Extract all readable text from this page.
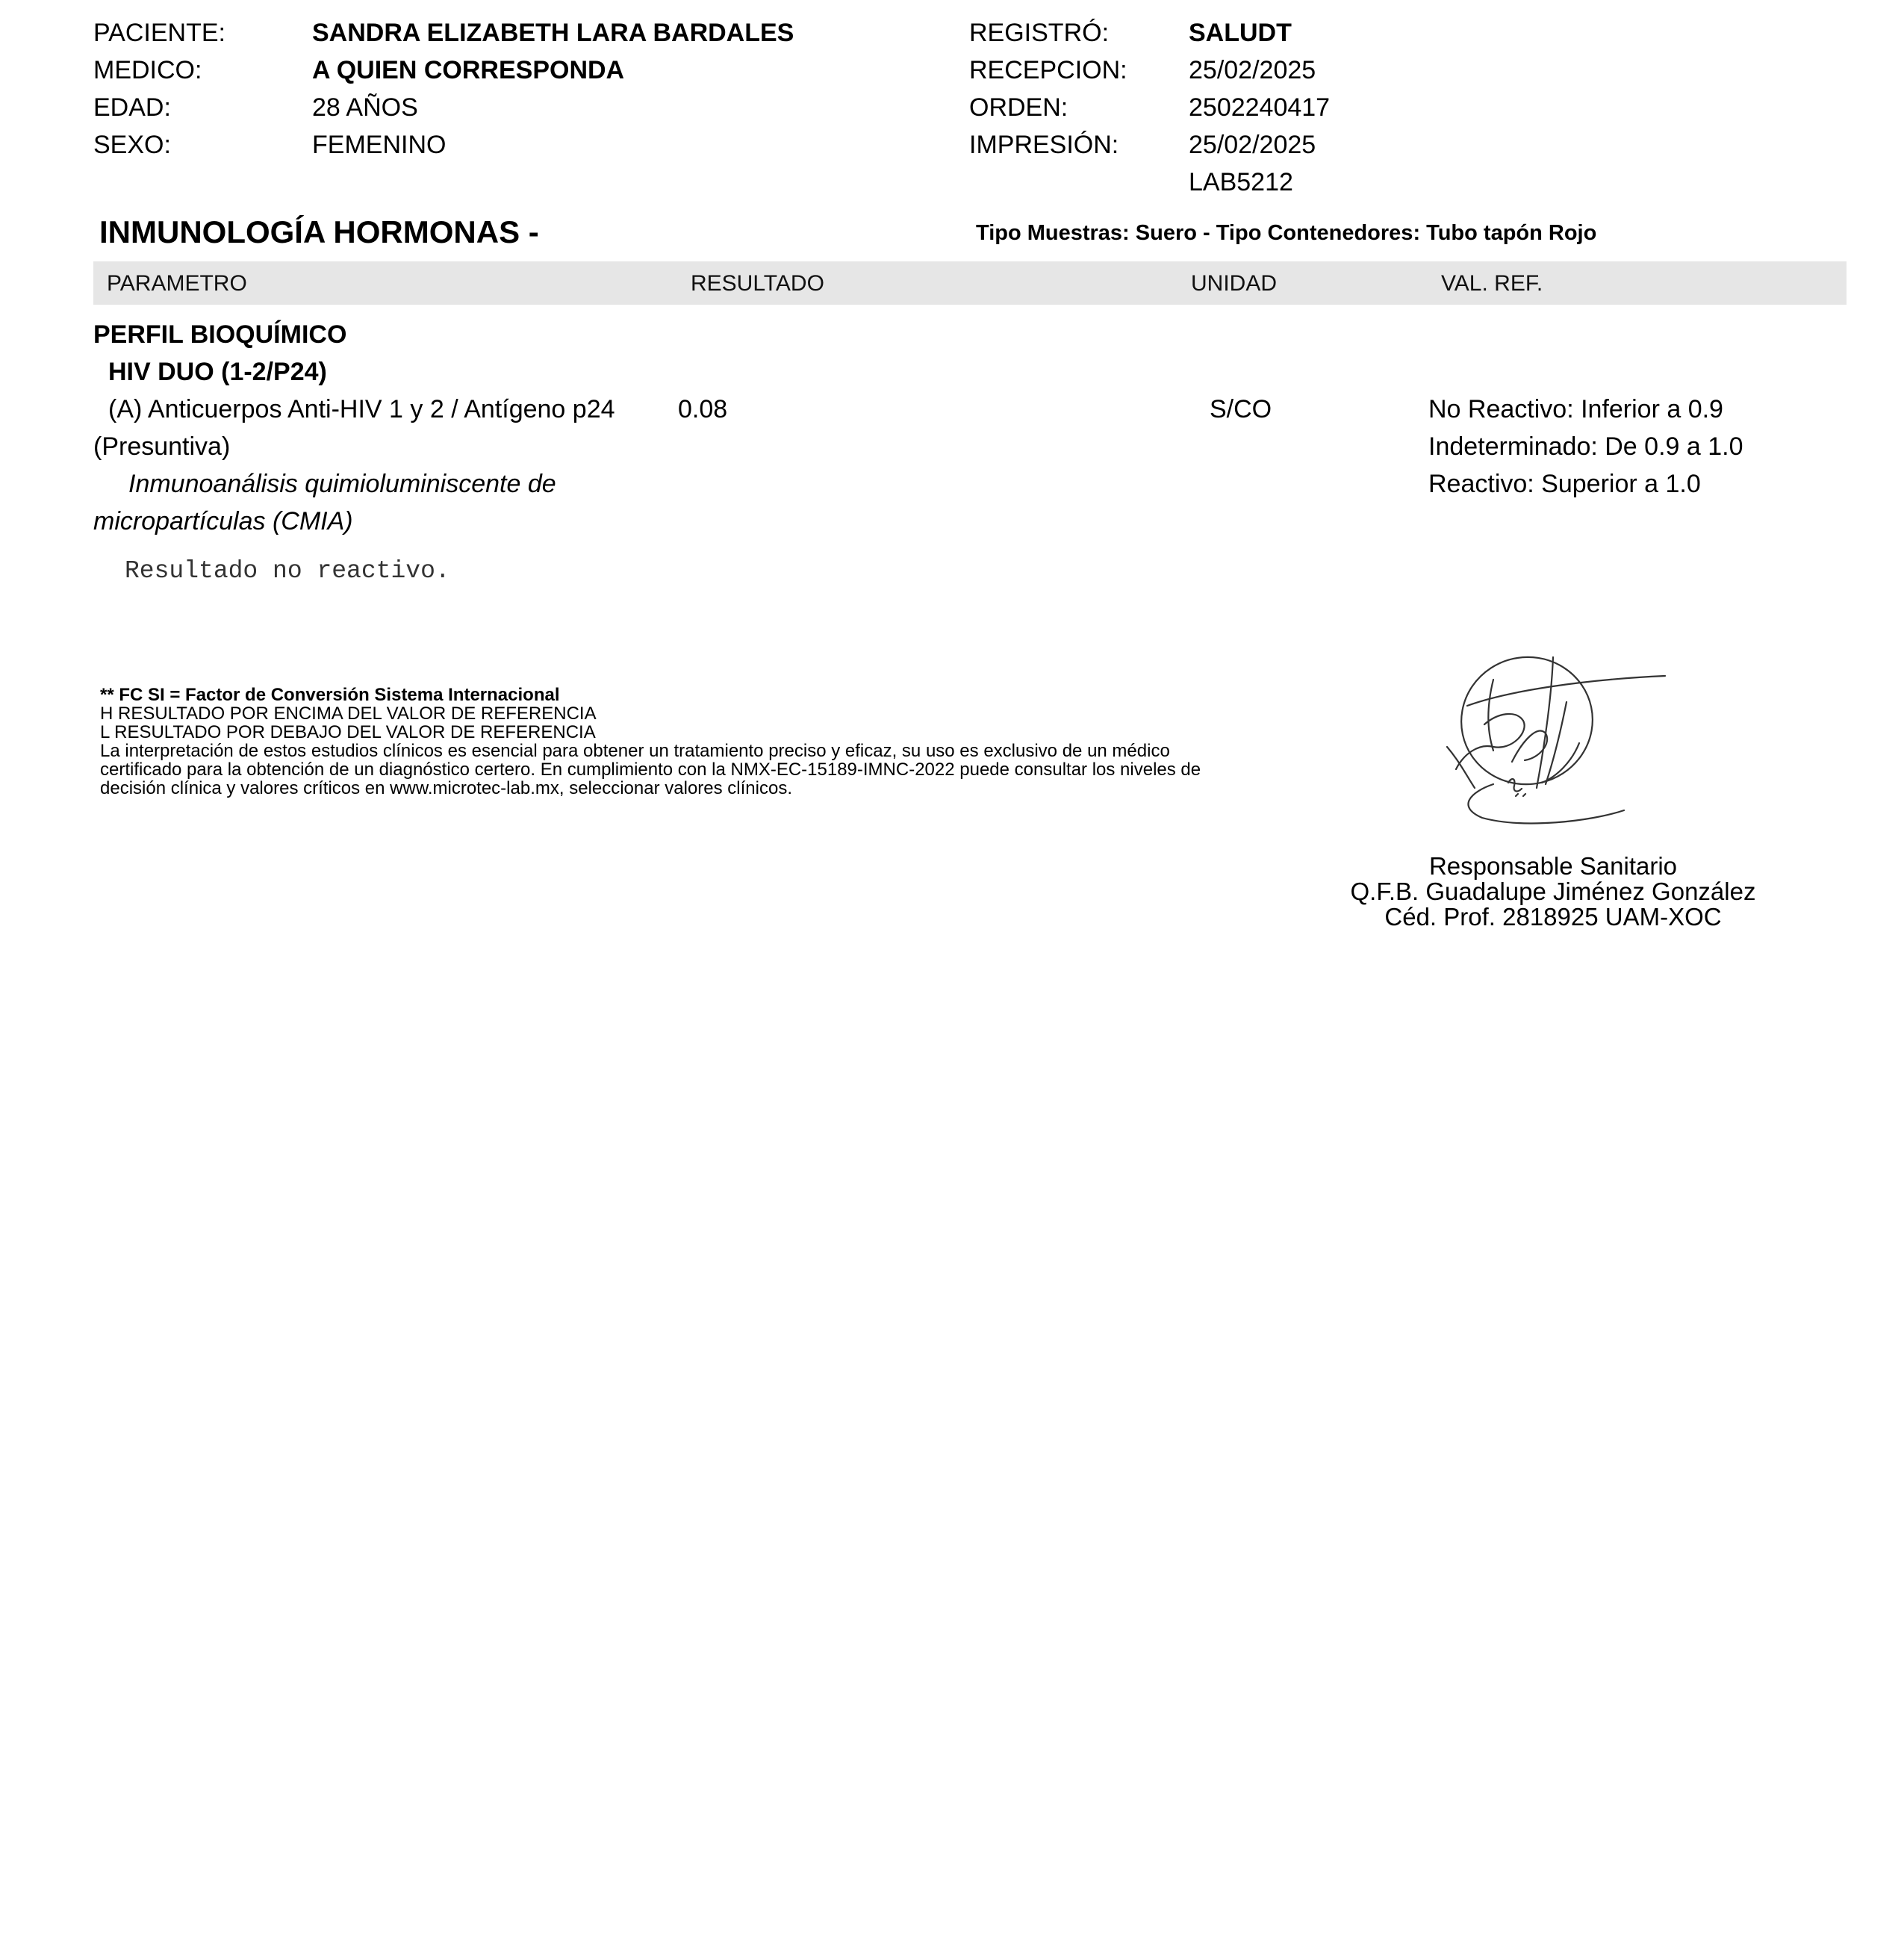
PACIENTE:	SANDRA ELIZABETH LARA BARDALES
MEDICO:	A QUIEN CORRESPONDA
EDAD:	28 AÑOS
SEXO:	FEMENINO
REGISTRÓ:	SALUDT
RECEPCION: 25/02/2025
ORDEN:	2502240417
IMPRESIÓN:	25/02/2025
LAB5212
INMUNOLOGÍA HORMONAS -	Tipo Muestras: Suero - Tipo Contenedores: Tubo tapón Rojo
PARAMETRO	RESULTADO	UNIDAD	VAL. REF.
PERFIL BIOQUÍMICO
HIV DUO (1-2/P24)
(A) Anticuerpos Anti-HIV 1 y 2 / Antígeno p24
(Presuntiva)
Inmunoanálisis quimioluminiscente de
micropartículas (CMIA)
0.08	S/CO	No Reactivo: Inferior a 0.9
Indeterminado: De 0.9 a 1.0
Reactivo: Superior a 1.0
Resultado no reactivo.
** FC SI = Factor de Conversión Sistema Internacional
H RESULTADO POR ENCIMA DEL VALOR DE REFERENCIA
L RESULTADO POR DEBAJO DEL VALOR DE REFERENCIA
La interpretación de estos estudios clínicos es esencial para obtener un tratamiento preciso y eficaz, su uso es exclusivo de un médico
certificado para la obtención de un diagnóstico certero. En cumplimiento con la NMX-EC-15189-IMNC-2022 puede consultar los niveles de
decisión clínica y valores críticos en www.microtec-lab.mx, seleccionar valores clínicos.
Responsable Sanitario
Q.F.B. Guadalupe Jiménez González
Céd. Prof. 2818925 UAM-XOC
